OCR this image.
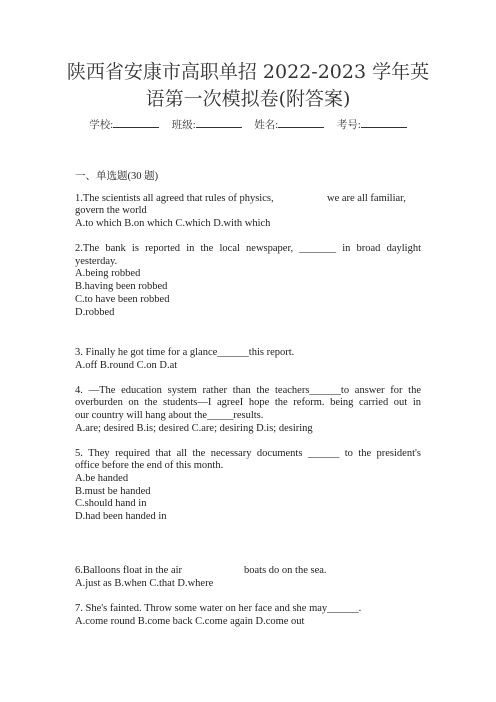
陕西省安康市高职单招 2022-2023 学年英
语第一次模拟卷(附答案)
学校:	班级:	姓名:	考号:
一、单选题(30 题)
1.The scientists all agreed that rules of physics,	we are all familiar,
govern the world
A.to which B.on which C.which D.with which
2.The bank is reported in the local newspaper, _______ in broad daylight
yesterday.
A.being robbed
B.having been robbed
C.to have been robbed
D.robbed
3. Finally he got time for a glance______this report.
A.off B.round C.on D.at
4. —The education system rather than the teachers______to answer for the
overburden on the students—I agreeI hope the reform. being carried out in
our country will hang about the_____results.
A.are; desired B.is; desired C.are; desiring D.is; desiring
5. They required that all the necessary documents ______ to the president's
office before the end of this month.
A.be handed
B.must be handed
C.should hand in
D.had been handed in
6.Balloons float in the air	boats do on the sea.
A.just as B.when C.that D.where
7. She's fainted. Throw some water on her face and she may______.
A.come round B.come back C.come again D.come out
